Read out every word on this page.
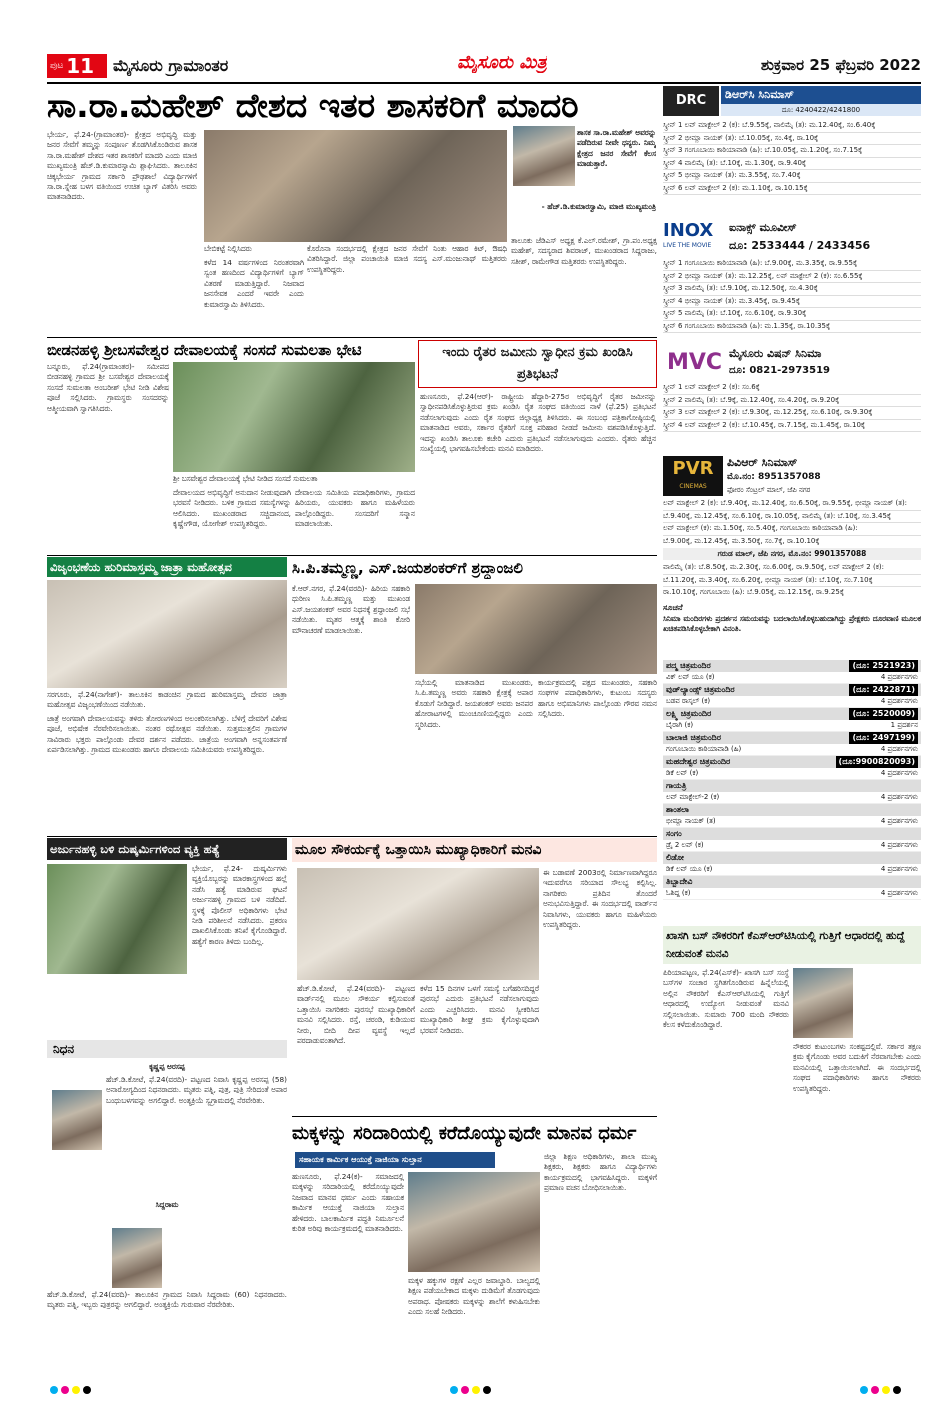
ಪುಟ 11 ಮೈಸೂರು ಗ್ರಾಮಾಂತರ	ಮೈಸೂರು ಮಿತ್ರ	ಶುಕ್ರವಾರ 25 ಫೆಬ್ರವರಿ 2022
ಸಾ.ರಾ.ಮಹೇಶ್ ದೇಶದ ಇತರ ಶಾಸಕರಿಗೆ ಮಾದರಿ
ಭೇರ್ಯ, ಫೆ.24-(ಗ್ರಾಮಾಂತರ)- ಕ್ಷೇತ್ರದ ಅಭಿವೃದ್ಧಿ ಮತ್ತು ಜನರ ಸೇವೆಗೆ ತಮ್ಮನ್ನು ಸಂಪೂರ್ಣ ತೊಡಗಿಸಿಕೊಂಡಿರುವ ಶಾಸಕ ಸಾ.ರಾ.ಮಹೇಶ್ ದೇಶದ ಇತರ ಶಾಸಕರಿಗೆ ಮಾದರಿ ಎಂದು ಮಾಜಿ ಮುಖ್ಯಮಂತ್ರಿ ಹೆಚ್.ಡಿ.ಕುಮಾರಸ್ವಾಮಿ ಶ್ಲಾಘಿಸಿದರು. ತಾಲೂಕಿನ ಚಿಕ್ಕಭೇರ್ಯ ಗ್ರಾಮದ ಸರ್ಕಾರಿ ಪ್ರೌಢಶಾಲೆ ವಿದ್ಯಾರ್ಥಿಗಳಿಗೆ ಸಾ.ರಾ.ಸ್ನೇಹ ಬಳಗ ವತಿಯಿಂದ ಉಚಿತ ಬ್ಯಾಗ್ ವಿತರಿಸಿ ಅವರು ಮಾತನಾಡಿದರು.
ಬೇಬಿಕಟ್ಟೆ ನಿಲ್ಲಿಸಿದರು
ಕಳೆದ 14 ವರ್ಷಗಳಿಂದ ನಿರಂತರವಾಗಿ ಸ್ವಂತ ಹಣದಿಂದ ವಿದ್ಯಾರ್ಥಿಗಳಿಗೆ ಬ್ಯಾಗ್ ವಿತರಣೆ ಮಾಡುತ್ತಿದ್ದಾರೆ. ನಿಜವಾದ ಜನಸೇವಕ ಎಂದರೆ ಇವರೇ ಎಂದು ಕುಮಾರಸ್ವಾಮಿ ತಿಳಿಸಿದರು.
ಕೊರೊನಾ ಸಂದರ್ಭದಲ್ಲಿ ಕ್ಷೇತ್ರದ ಜನರ ಸೇವೆಗೆ ನಿಂತು ಆಹಾರ ಕಿಟ್, ಔಷಧಿ ವಿತರಿಸಿದ್ದಾರೆ. ಜಿಲ್ಲಾ ಪಂಚಾಯಿತಿ ಮಾಜಿ ಸದಸ್ಯ ಎಸ್.ಮಂಜುನಾಥ್ ಮತ್ತಿತರರು ಉಪಸ್ಥಿತರಿದ್ದರು.
ಶಾಸಕ ಸಾ.ರಾ.ಮಹೇಶ್ ಅವರನ್ನು ಪಡೆದಿರುವ ನೀವೇ ಧನ್ಯರು. ನಿಮ್ಮ ಕ್ಷೇತ್ರದ ಜನರ ಸೇವೆಗೆ ಕೆಲಸ ಮಾಡುತ್ತಾರೆ.
- ಹೆಚ್.ಡಿ.ಕುಮಾರಸ್ವಾಮಿ, ಮಾಜಿ ಮುಖ್ಯಮಂತ್ರಿ
ತಾಲೂಕು ಜೆಡಿಎಸ್ ಅಧ್ಯಕ್ಷ ಕೆ.ಎಲ್.ರಮೇಶ್, ಗ್ರಾ.ಪಂ.ಅಧ್ಯಕ್ಷ ಮಹೇಶ್, ಸದಸ್ಯರಾದ ಶಿವರಾಜ್, ಮುಖಂಡರಾದ ಸಿದ್ದರಾಜು, ಸತೀಶ್, ರಾಮೇಗೌಡ ಮತ್ತಿತರರು ಉಪಸ್ಥಿತರಿದ್ದರು.
ಬೀಡನಹಳ್ಳಿ ಶ್ರೀಬಸವೇಶ್ವರ ದೇವಾಲಯಕ್ಕೆ ಸಂಸದೆ ಸುಮಲತಾ ಭೇಟಿ
ಬನ್ನೂರು, ಫೆ.24(ಗ್ರಾಮಾಂತರ)- ಸಮೀಪದ ಬೀಡನಹಳ್ಳಿ ಗ್ರಾಮದ ಶ್ರೀ ಬಸವೇಶ್ವರ ದೇವಾಲಯಕ್ಕೆ ಸಂಸದೆ ಸುಮಲತಾ ಅಂಬರೀಶ್ ಭೇಟಿ ನೀಡಿ ವಿಶೇಷ ಪೂಜೆ ಸಲ್ಲಿಸಿದರು. ಗ್ರಾಮಸ್ಥರು ಸಂಸದರನ್ನು ಆತ್ಮೀಯವಾಗಿ ಸ್ವಾಗತಿಸಿದರು.
ಶ್ರೀ ಬಸವೇಶ್ವರ ದೇವಾಲಯಕ್ಕೆ ಭೇಟಿ ನೀಡಿದ ಸಂಸದೆ ಸುಮಲತಾ
ದೇವಾಲಯದ ಅಭಿವೃದ್ಧಿಗೆ ಅನುದಾನ ನೀಡುವುದಾಗಿ ಭರವಸೆ ನೀಡಿದರು. ಬಳಿಕ ಗ್ರಾಮದ ಸಮಸ್ಯೆಗಳನ್ನು ಆಲಿಸಿದರು. ಮುಖಂಡರಾದ ಸಚ್ಚಿದಾನಂದ, ಕೃಷ್ಣೇಗೌಡ, ಯೋಗೇಶ್ ಉಪಸ್ಥಿತರಿದ್ದರು.
ದೇವಾಲಯ ಸಮಿತಿಯ ಪದಾಧಿಕಾರಿಗಳು, ಗ್ರಾಮದ ಹಿರಿಯರು, ಯುವಕರು ಹಾಗೂ ಮಹಿಳೆಯರು ಪಾಲ್ಗೊಂಡಿದ್ದರು. ಸಂಸದರಿಗೆ ಸನ್ಮಾನ ಮಾಡಲಾಯಿತು.
ಇಂದು ರೈತರ ಜಮೀನು ಸ್ವಾಧೀನ ಕ್ರಮ ಖಂಡಿಸಿ ಪ್ರತಿಭಟನೆ
ಹುಣಸೂರು, ಫೆ.24(ಆರ್)- ರಾಷ್ಟ್ರೀಯ ಹೆದ್ದಾರಿ-275ರ ಅಭಿವೃದ್ಧಿಗೆ ರೈತರ ಜಮೀನನ್ನು ಸ್ವಾಧೀನಪಡಿಸಿಕೊಳ್ಳುತ್ತಿರುವ ಕ್ರಮ ಖಂಡಿಸಿ ರೈತ ಸಂಘದ ವತಿಯಿಂದ ನಾಳೆ (ಫೆ.25) ಪ್ರತಿಭಟನೆ ನಡೆಸಲಾಗುವುದು ಎಂದು ರೈತ ಸಂಘದ ಜಿಲ್ಲಾಧ್ಯಕ್ಷ ತಿಳಿಸಿದರು. ಈ ಸಂಬಂಧ ಪತ್ರಿಕಾಗೋಷ್ಠಿಯಲ್ಲಿ ಮಾತನಾಡಿದ ಅವರು, ಸರ್ಕಾರ ರೈತರಿಗೆ ಸೂಕ್ತ ಪರಿಹಾರ ನೀಡದೆ ಜಮೀನು ವಶಪಡಿಸಿಕೊಳ್ಳುತ್ತಿದೆ. ಇದನ್ನು ಖಂಡಿಸಿ ತಾಲೂಕು ಕಚೇರಿ ಎದುರು ಪ್ರತಿಭಟನೆ ನಡೆಸಲಾಗುವುದು ಎಂದರು. ರೈತರು ಹೆಚ್ಚಿನ ಸಂಖ್ಯೆಯಲ್ಲಿ ಭಾಗವಹಿಸಬೇಕೆಂದು ಮನವಿ ಮಾಡಿದರು.
ವಿಜೃಂಭಣೆಯ ಹುರಿಮಾಸ್ತಮ್ಮ ಜಾತ್ರಾ ಮಹೋತ್ಸವ
ಸರಗೂರು, ಫೆ.24(ನಾಗೇಶ್)- ತಾಲೂಕಿನ ಕಾಡಂಚಿನ ಗ್ರಾಮದ ಹುರಿಮಾಸ್ತಮ್ಮ ದೇವರ ಜಾತ್ರಾ ಮಹೋತ್ಸವ ವಿಜೃಂಭಣೆಯಿಂದ ನಡೆಯಿತು.
ಜಾತ್ರೆ ಅಂಗವಾಗಿ ದೇವಾಲಯವನ್ನು ತಳಿರು ತೋರಣಗಳಿಂದ ಅಲಂಕರಿಸಲಾಗಿತ್ತು. ಬೆಳಿಗ್ಗೆ ದೇವರಿಗೆ ವಿಶೇಷ ಪೂಜೆ, ಅಭಿಷೇಕ ನೆರವೇರಿಸಲಾಯಿತು. ನಂತರ ರಥೋತ್ಸವ ನಡೆಯಿತು. ಸುತ್ತಮುತ್ತಲಿನ ಗ್ರಾಮಗಳ ಸಾವಿರಾರು ಭಕ್ತರು ಪಾಲ್ಗೊಂಡು ದೇವರ ದರ್ಶನ ಪಡೆದರು. ಜಾತ್ರೆಯ ಅಂಗವಾಗಿ ಅನ್ನಸಂತರ್ಪಣೆ ಏರ್ಪಡಿಸಲಾಗಿತ್ತು. ಗ್ರಾಮದ ಮುಖಂಡರು ಹಾಗೂ ದೇವಾಲಯ ಸಮಿತಿಯವರು ಉಪಸ್ಥಿತರಿದ್ದರು.
ಸಿ.ಪಿ.ತಮ್ಮಣ್ಣ, ಎಸ್.ಜಯಶಂಕರ್‌ಗೆ ಶ್ರದ್ಧಾಂಜಲಿ
ಕೆ.ಆರ್.ನಗರ, ಫೆ.24(ವರದಿ)- ಹಿರಿಯ ಸಹಕಾರಿ ಧುರೀಣ ಸಿ.ಪಿ.ತಮ್ಮಣ್ಣ ಮತ್ತು ಮುಖಂಡ ಎಸ್.ಜಯಶಂಕರ್ ಅವರ ನಿಧನಕ್ಕೆ ಶ್ರದ್ಧಾಂಜಲಿ ಸಭೆ ನಡೆಯಿತು. ಮೃತರ ಆತ್ಮಕ್ಕೆ ಶಾಂತಿ ಕೋರಿ ಮೌನಾಚರಣೆ ಮಾಡಲಾಯಿತು.
ಸಭೆಯಲ್ಲಿ ಮಾತನಾಡಿದ ಮುಖಂಡರು, ಸಿ.ಪಿ.ತಮ್ಮಣ್ಣ ಅವರು ಸಹಕಾರಿ ಕ್ಷೇತ್ರಕ್ಕೆ ಅಪಾರ ಕೊಡುಗೆ ನೀಡಿದ್ದಾರೆ. ಜಯಶಂಕರ್ ಅವರು ಜನಪರ ಹೋರಾಟಗಳಲ್ಲಿ ಮುಂಚೂಣಿಯಲ್ಲಿದ್ದರು ಎಂದು ಸ್ಮರಿಸಿದರು.
ಕಾರ್ಯಕ್ರಮದಲ್ಲಿ ಪಕ್ಷದ ಮುಖಂಡರು, ಸಹಕಾರಿ ಸಂಘಗಳ ಪದಾಧಿಕಾರಿಗಳು, ಕುಟುಂಬ ಸದಸ್ಯರು ಹಾಗೂ ಅಭಿಮಾನಿಗಳು ಪಾಲ್ಗೊಂಡು ಗೌರವ ನಮನ ಸಲ್ಲಿಸಿದರು.
ಅರ್ಜುನಹಳ್ಳಿ ಬಳಿ ದುಷ್ಕರ್ಮಿಗಳಿಂದ ವ್ಯಕ್ತಿ ಹತ್ಯೆ
ಭೇರ್ಯ, ಫೆ.24- ದುಷ್ಕರ್ಮಿಗಳು ವ್ಯಕ್ತಿಯೊಬ್ಬರನ್ನು ಮಾರಕಾಸ್ತ್ರಗಳಿಂದ ಹಲ್ಲೆ ನಡೆಸಿ ಹತ್ಯೆ ಮಾಡಿರುವ ಘಟನೆ ಅರ್ಜುನಹಳ್ಳಿ ಗ್ರಾಮದ ಬಳಿ ನಡೆದಿದೆ. ಸ್ಥಳಕ್ಕೆ ಪೊಲೀಸ್ ಅಧಿಕಾರಿಗಳು ಭೇಟಿ ನೀಡಿ ಪರಿಶೀಲನೆ ನಡೆಸಿದರು. ಪ್ರಕರಣ ದಾಖಲಿಸಿಕೊಂಡು ತನಿಖೆ ಕೈಗೊಂಡಿದ್ದಾರೆ. ಹತ್ಯೆಗೆ ಕಾರಣ ತಿಳಿದು ಬಂದಿಲ್ಲ.
ನಿಧನ
ಕೃಷ್ಣಪ್ಪ ಅರಸಪ್ಪ
ಹೆಚ್.ಡಿ.ಕೋಟೆ, ಫೆ.24(ವರದಿ)- ಪಟ್ಟಣದ ನಿವಾಸಿ ಕೃಷ್ಣಪ್ಪ ಅರಸಪ್ಪ (58) ಅನಾರೋಗ್ಯದಿಂದ ನಿಧನರಾದರು. ಮೃತರು ಪತ್ನಿ, ಪುತ್ರ, ಪುತ್ರಿ ಸೇರಿದಂತೆ ಅಪಾರ ಬಂಧುಬಳಗವನ್ನು ಅಗಲಿದ್ದಾರೆ. ಅಂತ್ಯಕ್ರಿಯೆ ಸ್ವಗ್ರಾಮದಲ್ಲಿ ನೆರವೇರಿತು.
ಸಿದ್ದರಾಮ
ಹೆಚ್.ಡಿ.ಕೋಟೆ, ಫೆ.24(ವರದಿ)- ತಾಲೂಕಿನ ಗ್ರಾಮದ ನಿವಾಸಿ ಸಿದ್ದರಾಮ (60) ನಿಧನರಾದರು. ಮೃತರು ಪತ್ನಿ, ಇಬ್ಬರು ಪುತ್ರರನ್ನು ಅಗಲಿದ್ದಾರೆ. ಅಂತ್ಯಕ್ರಿಯೆ ಗುರುವಾರ ನೆರವೇರಿತು.
ಮೂಲ ಸೌಕರ್ಯಕ್ಕೆ ಒತ್ತಾಯಿಸಿ ಮುಖ್ಯಾಧಿಕಾರಿಗೆ ಮನವಿ
ಈ ಬಡಾವಣೆ 2003ರಲ್ಲಿ ನಿರ್ಮಾಣವಾಗಿದ್ದರೂ ಇದುವರೆಗೂ ಸರಿಯಾದ ಸೌಲಭ್ಯ ಕಲ್ಪಿಸಿಲ್ಲ. ನಾಗರಿಕರು ಪ್ರತಿದಿನ ತೊಂದರೆ ಅನುಭವಿಸುತ್ತಿದ್ದಾರೆ. ಈ ಸಂದರ್ಭದಲ್ಲಿ ವಾರ್ಡ್‌ನ ನಿವಾಸಿಗಳು, ಯುವಕರು ಹಾಗೂ ಮಹಿಳೆಯರು ಉಪಸ್ಥಿತರಿದ್ದರು.
ಹೆಚ್.ಡಿ.ಕೋಟೆ, ಫೆ.24(ವರದಿ)- ಪಟ್ಟಣದ ವಾರ್ಡ್‌ನಲ್ಲಿ ಮೂಲ ಸೌಕರ್ಯ ಕಲ್ಪಿಸುವಂತೆ ಒತ್ತಾಯಿಸಿ ನಾಗರಿಕರು ಪುರಸಭೆ ಮುಖ್ಯಾಧಿಕಾರಿಗೆ ಮನವಿ ಸಲ್ಲಿಸಿದರು. ರಸ್ತೆ, ಚರಂಡಿ, ಕುಡಿಯುವ ನೀರು, ಬೀದಿ ದೀಪ ವ್ಯವಸ್ಥೆ ಇಲ್ಲದೆ ಪರದಾಡುವಂತಾಗಿದೆ.
ಕಳೆದ 15 ದಿನಗಳ ಒಳಗೆ ಸಮಸ್ಯೆ ಬಗೆಹರಿಸದಿದ್ದರೆ ಪುರಸಭೆ ಎದುರು ಪ್ರತಿಭಟನೆ ನಡೆಸಲಾಗುವುದು ಎಂದು ಎಚ್ಚರಿಸಿದರು. ಮನವಿ ಸ್ವೀಕರಿಸಿದ ಮುಖ್ಯಾಧಿಕಾರಿ ಶೀಘ್ರ ಕ್ರಮ ಕೈಗೊಳ್ಳುವುದಾಗಿ ಭರವಸೆ ನೀಡಿದರು.
ಮಕ್ಕಳನ್ನು ಸರಿದಾರಿಯಲ್ಲಿ ಕರೆದೊಯ್ಯುವುದೇ ಮಾನವ ಧರ್ಮ
ಸಹಾಯಕ ಕಾರ್ಮಿಕ ಆಯುಕ್ತೆ ನಾಜಿಯಾ ಸುಲ್ತಾನ
ಹುಣಸೂರು, ಫೆ.24(ಕ)- ಸಮಾಜದಲ್ಲಿ ಮಕ್ಕಳನ್ನು ಸರಿದಾರಿಯಲ್ಲಿ ಕರೆದೊಯ್ಯುವುದೇ ನಿಜವಾದ ಮಾನವ ಧರ್ಮ ಎಂದು ಸಹಾಯಕ ಕಾರ್ಮಿಕ ಆಯುಕ್ತೆ ನಾಜಿಯಾ ಸುಲ್ತಾನ ಹೇಳಿದರು. ಬಾಲಕಾರ್ಮಿಕ ಪದ್ಧತಿ ನಿರ್ಮೂಲನೆ ಕುರಿತ ಅರಿವು ಕಾರ್ಯಕ್ರಮದಲ್ಲಿ ಮಾತನಾಡಿದರು.
ಮಕ್ಕಳ ಹಕ್ಕುಗಳ ರಕ್ಷಣೆ ಎಲ್ಲರ ಜವಾಬ್ದಾರಿ. ಬಾಲ್ಯದಲ್ಲಿ ಶಿಕ್ಷಣ ಪಡೆಯಬೇಕಾದ ಮಕ್ಕಳು ದುಡಿಮೆಗೆ ತೊಡಗುವುದು ಅಪರಾಧ. ಪೋಷಕರು ಮಕ್ಕಳನ್ನು ಶಾಲೆಗೆ ಕಳುಹಿಸಬೇಕು ಎಂದು ಸಲಹೆ ನೀಡಿದರು.
ಜಿಲ್ಲಾ ಶಿಕ್ಷಣ ಅಧಿಕಾರಿಗಳು, ಶಾಲಾ ಮುಖ್ಯ ಶಿಕ್ಷಕರು, ಶಿಕ್ಷಕರು ಹಾಗೂ ವಿದ್ಯಾರ್ಥಿಗಳು ಕಾರ್ಯಕ್ರಮದಲ್ಲಿ ಭಾಗವಹಿಸಿದ್ದರು. ಮಕ್ಕಳಿಗೆ ಪ್ರಮಾಣ ವಚನ ಬೋಧಿಸಲಾಯಿತು.
DRC	ಡಿಆರ್‌ಸಿ ಸಿನಿಮಾಸ್
ದೂ: 4240422/4241800
ಸ್ಕ್ರೀನ್ 1 ಲವ್ ಮಾಕ್ಟೇಲ್ 2 (ಕ): ಬೆ.9.55ಕ್ಕೆ, ವಾಲಿಮೈ (ತ): ಮ.12.40ಕ್ಕೆ, ಸಂ.6.40ಕ್ಕೆ
ಸ್ಕ್ರೀನ್ 2 ಭೀಮ್ಲಾ ನಾಯಕ್ (ತ): ಬೆ.10.05ಕ್ಕೆ, ಸಂ.4ಕ್ಕೆ, ರಾ.10ಕ್ಕೆ
ಸ್ಕ್ರೀನ್ 3 ಗಂಗೂಬಾಯಿ ಕಾಠಿಯಾವಾಡಿ (ಹಿ): ಬೆ.10.05ಕ್ಕೆ, ಮ.1.20ಕ್ಕೆ, ಸಂ.7.15ಕ್ಕೆ
ಸ್ಕ್ರೀನ್ 4 ವಾಲಿಮೈ (ತ): ಬೆ.10ಕ್ಕೆ, ಮ.1.30ಕ್ಕೆ, ರಾ.9.40ಕ್ಕೆ
ಸ್ಕ್ರೀನ್ 5 ಭೀಮ್ಲಾ ನಾಯಕ್ (ತ): ಮ.3.55ಕ್ಕೆ, ಸಂ.7.40ಕ್ಕೆ
ಸ್ಕ್ರೀನ್ 6 ಲವ್ ಮಾಕ್ಟೇಲ್ 2 (ಕ): ಮ.1.10ಕ್ಕೆ, ರಾ.10.15ಕ್ಕೆ
INOX
LIVE THE MOVIE
ಐನಾಕ್ಸ್ ಮೂವೀಸ್
ದೂ: 2533444 / 2433456
ಸ್ಕ್ರೀನ್ 1 ಗಂಗೂಬಾಯಿ ಕಾಠಿಯಾವಾಡಿ (ಹಿ): ಬೆ.9.00ಕ್ಕೆ, ಮ.3.35ಕ್ಕೆ, ರಾ.9.55ಕ್ಕೆ
ಸ್ಕ್ರೀನ್ 2 ಭೀಮ್ಲಾ ನಾಯಕ್ (ತ): ಮ.12.25ಕ್ಕೆ, ಲವ್ ಮಾಕ್ಟೇಲ್ 2 (ಕ): ಸಂ.6.55ಕ್ಕೆ
ಸ್ಕ್ರೀನ್ 3 ವಾಲಿಮೈ (ತ): ಬೆ.9.10ಕ್ಕೆ, ಮ.12.50ಕ್ಕೆ, ಸಂ.4.30ಕ್ಕೆ
ಸ್ಕ್ರೀನ್ 4 ಭೀಮ್ಲಾ ನಾಯಕ್ (ತ): ಮ.3.45ಕ್ಕೆ, ರಾ.9.45ಕ್ಕೆ
ಸ್ಕ್ರೀನ್ 5 ವಾಲಿಮೈ (ತ): ಬೆ.10ಕ್ಕೆ, ಸಂ.6.10ಕ್ಕೆ, ರಾ.9.30ಕ್ಕೆ
ಸ್ಕ್ರೀನ್ 6 ಗಂಗೂಬಾಯಿ ಕಾಠಿಯಾವಾಡಿ (ಹಿ): ಮ.1.35ಕ್ಕೆ, ರಾ.10.35ಕ್ಕೆ
MVC ಮೈಸೂರು ವಿಷನ್ ಸಿನಿಮಾ
ದೂ: 0821-2973519
ಸ್ಕ್ರೀನ್ 1 ಲವ್ ಮಾಕ್ಟೇಲ್ 2 (ಕ): ಸಂ.6ಕ್ಕೆ
ಸ್ಕ್ರೀನ್ 2 ವಾಲಿಮೈ (ತ): ಬೆ.9ಕ್ಕೆ, ಮ.12.40ಕ್ಕೆ, ಸಂ.4.20ಕ್ಕೆ, ರಾ.9.20ಕ್ಕೆ
ಸ್ಕ್ರೀನ್ 3 ಲವ್ ಮಾಕ್ಟೇಲ್ 2 (ಕ): ಬೆ.9.30ಕ್ಕೆ, ಮ.12.25ಕ್ಕೆ, ಸಂ.6.10ಕ್ಕೆ, ರಾ.9.30ಕ್ಕೆ
ಸ್ಕ್ರೀನ್ 4 ಲವ್ ಮಾಕ್ಟೇಲ್ 2 (ಕ): ಬೆ.10.45ಕ್ಕೆ, ರಾ.7.15ಕ್ಕೆ, ಮ.1.45ಕ್ಕೆ, ರಾ.10ಕ್ಕೆ
PVR
CINEMAS
ಪಿವಿಆರ್ ಸಿನಿಮಾಸ್
ಮೊ.ನಂ: 8951357088
ಫೋರಂ ಸೆಂಟ್ರಲ್ ಮಾಲ್, ಜೆಪಿ ನಗರ
ಲವ್ ಮಾಕ್ಟೇಲ್ 2 (ಕ): ಬೆ.9.40ಕ್ಕೆ, ಮ.12.40ಕ್ಕೆ, ಸಂ.6.50ಕ್ಕೆ, ರಾ.9.55ಕ್ಕೆ, ಭೀಮ್ಲಾ ನಾಯಕ್ (ತ):
ಬೆ.9.40ಕ್ಕೆ, ಮ.12.45ಕ್ಕೆ, ಸಂ.6.10ಕ್ಕೆ, ರಾ.10.05ಕ್ಕೆ, ವಾಲಿಮೈ (ತ): ಬೆ.10ಕ್ಕೆ, ಸಂ.3.45ಕ್ಕೆ
ಲವ್ ಮಾಕ್ಟೇಲ್ (ಕ): ಮ.1.50ಕ್ಕೆ, ಸಂ.5.40ಕ್ಕೆ, ಗಂಗೂಬಾಯಿ ಕಾಠಿಯಾವಾಡಿ (ಹಿ):
ಬೆ.9.00ಕ್ಕೆ, ಮ.12.45ಕ್ಕೆ, ಮ.3.50ಕ್ಕೆ, ಸಂ.7ಕ್ಕೆ, ರಾ.10.10ಕ್ಕೆ
ಗರುಡ ಮಾಲ್, ಜೆಪಿ ನಗರ, ಮೊ.ನಂ: 9901357088
ವಾಲಿಮೈ (ತ): ಬೆ.8.50ಕ್ಕೆ, ಮ.2.30ಕ್ಕೆ, ಸಂ.6.00ಕ್ಕೆ, ರಾ.9.50ಕ್ಕೆ, ಲವ್ ಮಾಕ್ಟೇಲ್ 2 (ಕ):
ಬೆ.11.20ಕ್ಕೆ, ಮ.3.40ಕ್ಕೆ, ಸಂ.6.20ಕ್ಕೆ, ಭೀಮ್ಲಾ ನಾಯಕ್ (ತ): ಬೆ.10ಕ್ಕೆ, ಸಂ.7.10ಕ್ಕೆ
ರಾ.10.10ಕ್ಕೆ, ಗಂಗೂಬಾಯಿ (ಹಿ): ಬೆ.9.05ಕ್ಕೆ, ಮ.12.15ಕ್ಕೆ, ರಾ.9.25ಕ್ಕೆ
ಸೂಚನೆ
ಸಿನಿಮಾ ಮಂದಿರಗಳು ಪ್ರದರ್ಶನ ಸಮಯವನ್ನು ಬದಲಾಯಿಸಿಕೊಳ್ಳಬಹುದಾಗಿದ್ದು ಪ್ರೇಕ್ಷಕರು ದೂರವಾಣಿ ಮೂಲಕ ಖಚಿತಪಡಿಸಿಕೊಳ್ಳಬೇಕಾಗಿ ವಿನಂತಿ.
ಪದ್ಮ ಚಿತ್ರಮಂದಿರ	(ದೂ: 2521923)
ವಿಕ್ ಲವ್ ಯೂ (ಕ)	4 ಪ್ರದರ್ಶನಗಳು
ವುಡ್‌ಲ್ಯಾಂಡ್ಸ್ ಚಿತ್ರಮಂದಿರ	(ದೂ: 2422871)
ಬಡವ ರಾಸ್ಕಲ್ (ಕ)	4 ಪ್ರದರ್ಶನಗಳು
ಲಕ್ಷ್ಮಿ ಚಿತ್ರಮಂದಿರ	(ದೂ: 2520009)
ಬೈರಾಗಿ (ಕ)	1 ಪ್ರದರ್ಶನ
ಬಾಲಾಜಿ ಚಿತ್ರಮಂದಿರ	(ದೂ: 2497199)
ಗಂಗೂಬಾಯಿ ಕಾಠಿಯಾವಾಡಿ (ಹಿ)	4 ಪ್ರದರ್ಶನಗಳು
ಮಹದೇಶ್ವರ ಚಿತ್ರಮಂದಿರ	(ದೂ:9900820093)
ಡಿಕೆ ಲವ್ (ಕ)	4 ಪ್ರದರ್ಶನಗಳು
ಗಾಯತ್ರಿ
ಲವ್ ಮಾಕ್ಟೇಲ್-2 (ಕ)	4 ಪ್ರದರ್ಶನಗಳು
ಶಾಂತಲಾ
ಭೀಮ್ಲಾ ನಾಯಕ್ (ತ)	4 ಪ್ರದರ್ಶನಗಳು
ಸಂಗಂ
ಡ್ರೈ 2 ಲವ್ (ಕ)	4 ಪ್ರದರ್ಶನಗಳು
ಲಿಡೋ
ಡಿಕೆ ಲವ್ ಯೂ (ಕ)	4 ಪ್ರದರ್ಶನಗಳು
ತಿಬ್ಬಾದೇವಿ
ಓಶಿದ್ದ (ಕ)	4 ಪ್ರದರ್ಶನಗಳು
ಖಾಸಗಿ ಬಸ್ ನೌಕರರಿಗೆ ಕೆಎಸ್‌ಆರ್‌ಟಿಸಿಯಲ್ಲಿ ಗುತ್ತಿಗೆ ಆಧಾರದಲ್ಲಿ ಹುದ್ದೆ ನೀಡುವಂತೆ ಮನವಿ
ಪಿರಿಯಾಪಟ್ಟಣ, ಫೆ.24(ಎಸ್‌ಕೆ)- ಖಾಸಗಿ ಬಸ್ ಸಂಸ್ಥೆ ಬಸ್‌ಗಳ ಸಂಚಾರ ಸ್ಥಗಿತಗೊಂಡಿರುವ ಹಿನ್ನೆಲೆಯಲ್ಲಿ ಅಲ್ಲಿನ ನೌಕರರಿಗೆ ಕೆಎಸ್‌ಆರ್‌ಟಿಸಿಯಲ್ಲಿ ಗುತ್ತಿಗೆ ಆಧಾರದಲ್ಲಿ ಉದ್ಯೋಗ ನೀಡುವಂತೆ ಮನವಿ ಸಲ್ಲಿಸಲಾಯಿತು. ಸುಮಾರು 700 ಮಂದಿ ನೌಕರರು ಕೆಲಸ ಕಳೆದುಕೊಂಡಿದ್ದಾರೆ.
ನೌಕರರ ಕುಟುಂಬಗಳು ಸಂಕಷ್ಟದಲ್ಲಿವೆ. ಸರ್ಕಾರ ತಕ್ಷಣ ಕ್ರಮ ಕೈಗೊಂಡು ಅವರ ಬದುಕಿಗೆ ನೆರವಾಗಬೇಕು ಎಂದು ಮನವಿಯಲ್ಲಿ ಒತ್ತಾಯಿಸಲಾಗಿದೆ. ಈ ಸಂದರ್ಭದಲ್ಲಿ ಸಂಘದ ಪದಾಧಿಕಾರಿಗಳು ಹಾಗೂ ನೌಕರರು ಉಪಸ್ಥಿತರಿದ್ದರು.
